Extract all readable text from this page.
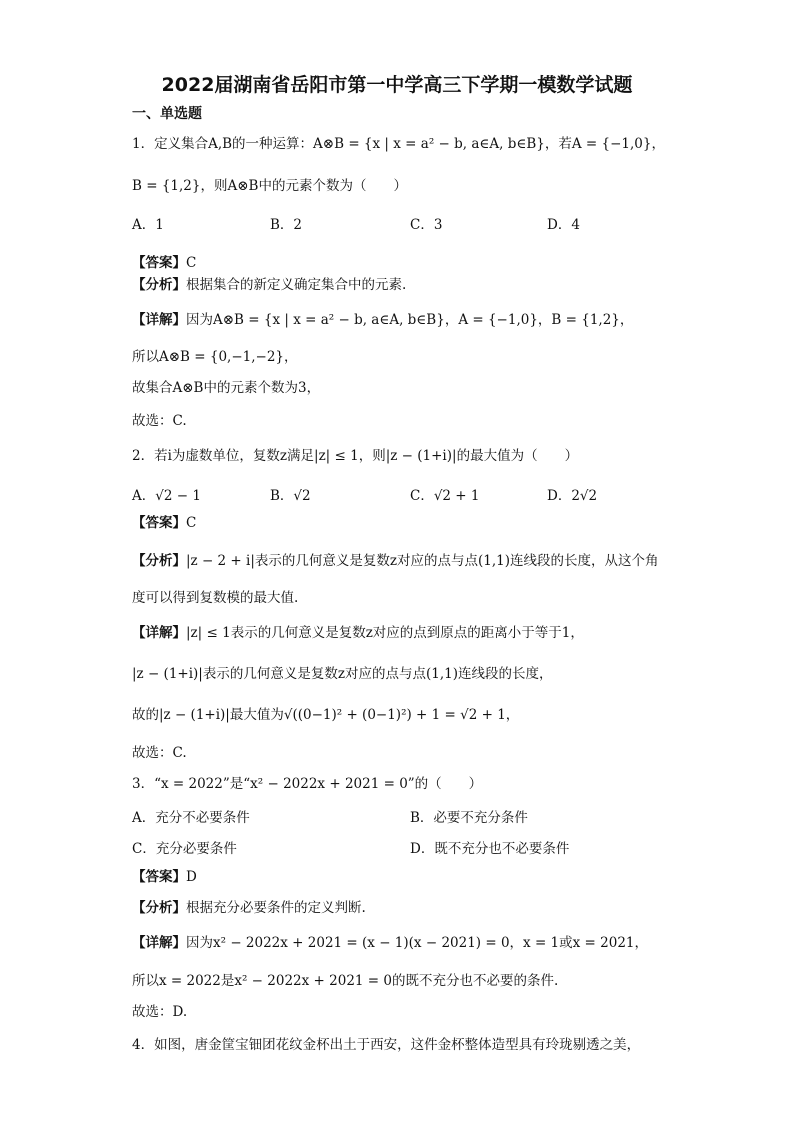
2022届湖南省岳阳市第一中学高三下学期一模数学试题
一、单选题
1．定义集合A,B的一种运算：A⊗B = {x | x = a² − b, a∈A, b∈B}，若A = {−1,0}，
B = {1,2}，则A⊗B中的元素个数为（　　）
【答案】C
【分析】根据集合的新定义确定集合中的元素.
【详解】因为A⊗B = {x | x = a² − b, a∈A, b∈B}，A = {−1,0}，B = {1,2}，
所以A⊗B = {0,−1,−2}，
故集合A⊗B中的元素个数为3，
故选：C.
2．若i为虚数单位，复数z满足|z| ≤ 1，则|z − (1+i)|的最大值为（　　）
【答案】C
【分析】|z − 2 + i|表示的几何意义是复数z对应的点与点(1,1)连线段的长度，从这个角
度可以得到复数模的最大值.
【详解】|z| ≤ 1表示的几何意义是复数z对应的点到原点的距离小于等于1，
|z − (1+i)|表示的几何意义是复数z对应的点与点(1,1)连线段的长度，
故的|z − (1+i)|最大值为√((0−1)² + (0−1)²) + 1 = √2 + 1，
故选：C.
3．“x = 2022”是“x² − 2022x + 2021 = 0”的（　　）
【答案】D
【分析】根据充分必要条件的定义判断.
【详解】因为x² − 2022x + 2021 = (x − 1)(x − 2021) = 0，x = 1或x = 2021，
所以x = 2022是x² − 2022x + 2021 = 0的既不充分也不必要的条件.
故选：D.
4．如图，唐金筐宝钿团花纹金杯出土于西安，这件金杯整体造型具有玲珑剔透之美，
A．1	B．2	C．3	D．4
A．√2 − 1	B．√2	C．√2 + 1	D．2√2
A．充分不必要条件	B．必要不充分条件
C．充分必要条件	D．既不充分也不必要条件
